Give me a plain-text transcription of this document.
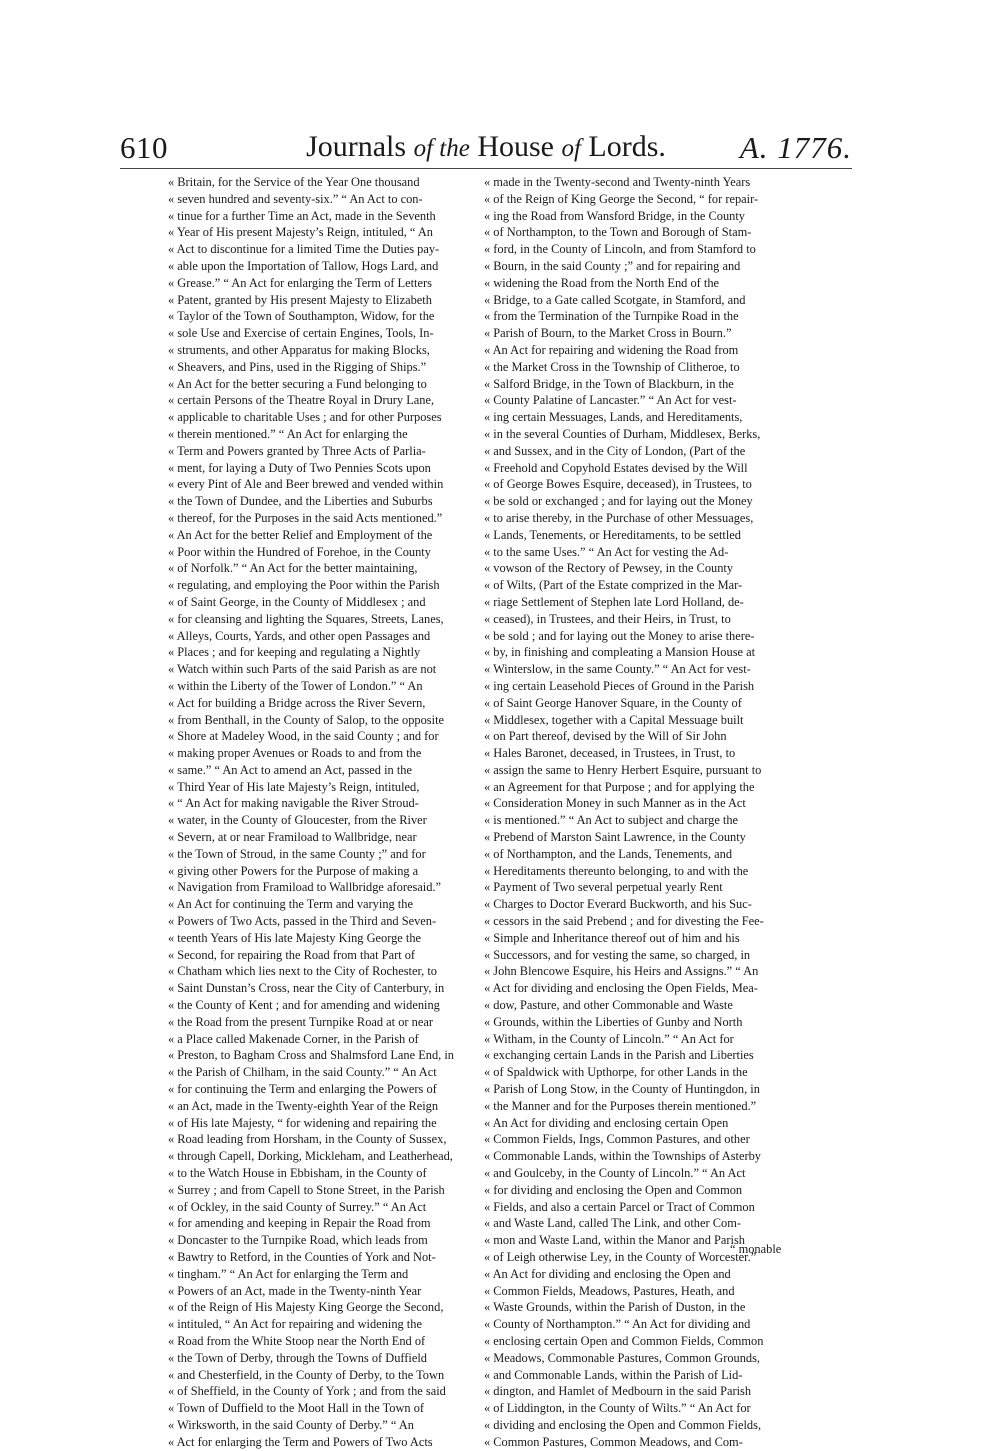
610	Journals of the House of Lords.	A. 1776.
« Britain, for the Service of the Year One thousand
« seven hundred and seventy-six.” “ An Act to con-
« tinue for a further Time an Act, made in the Seventh
« Year of His present Majesty’s Reign, intituled, “ An
« Act to discontinue for a limited Time the Duties pay-
« able upon the Importation of Tallow, Hogs Lard, and
« Grease.” “ An Act for enlarging the Term of Letters
« Patent, granted by His present Majesty to Elizabeth
« Taylor of the Town of Southampton, Widow, for the
« sole Use and Exercise of certain Engines, Tools, In-
« struments, and other Apparatus for making Blocks,
« Sheavers, and Pins, used in the Rigging of Ships.”
« An Act for the better securing a Fund belonging to
« certain Persons of the Theatre Royal in Drury Lane,
« applicable to charitable Uses ; and for other Purposes
« therein mentioned.” “ An Act for enlarging the
« Term and Powers granted by Three Acts of Parlia-
« ment, for laying a Duty of Two Pennies Scots upon
« every Pint of Ale and Beer brewed and vended within
« the Town of Dundee, and the Liberties and Suburbs
« thereof, for the Purposes in the said Acts mentioned.”
« An Act for the better Relief and Employment of the
« Poor within the Hundred of Forehoe, in the County
« of Norfolk.” “ An Act for the better maintaining,
« regulating, and employing the Poor within the Parish
« of Saint George, in the County of Middlesex ; and
« for cleansing and lighting the Squares, Streets, Lanes,
« Alleys, Courts, Yards, and other open Passages and
« Places ; and for keeping and regulating a Nightly
« Watch within such Parts of the said Parish as are not
« within the Liberty of the Tower of London.” “ An
« Act for building a Bridge across the River Severn,
« from Benthall, in the County of Salop, to the opposite
« Shore at Madeley Wood, in the said County ; and for
« making proper Avenues or Roads to and from the
« same.” “ An Act to amend an Act, passed in the
« Third Year of His late Majesty’s Reign, intituled,
« “ An Act for making navigable the River Stroud-
« water, in the County of Gloucester, from the River
« Severn, at or near Framiload to Wallbridge, near
« the Town of Stroud, in the same County ;” and for
« giving other Powers for the Purpose of making a
« Navigation from Framiload to Wallbridge aforesaid.”
« An Act for continuing the Term and varying the
« Powers of Two Acts, passed in the Third and Seven-
« teenth Years of His late Majesty King George the
« Second, for repairing the Road from that Part of
« Chatham which lies next to the City of Rochester, to
« Saint Dunstan’s Cross, near the City of Canterbury, in
« the County of Kent ; and for amending and widening
« the Road from the present Turnpike Road at or near
« a Place called Makenade Corner, in the Parish of
« Preston, to Bagham Cross and Shalmsford Lane End, in
« the Parish of Chilham, in the said County.” “ An Act
« for continuing the Term and enlarging the Powers of
« an Act, made in the Twenty-eighth Year of the Reign
« of His late Majesty, “ for widening and repairing the
« Road leading from Horsham, in the County of Sussex,
« through Capell, Dorking, Mickleham, and Leatherhead,
« to the Watch House in Ebbisham, in the County of
« Surrey ; and from Capell to Stone Street, in the Parish
« of Ockley, in the said County of Surrey.” “ An Act
« for amending and keeping in Repair the Road from
« Doncaster to the Turnpike Road, which leads from
« Bawtry to Retford, in the Counties of York and Not-
« tingham.” “ An Act for enlarging the Term and
« Powers of an Act, made in the Twenty-ninth Year
« of the Reign of His Majesty King George the Second,
« intituled, “ An Act for repairing and widening the
« Road from the White Stoop near the North End of
« the Town of Derby, through the Towns of Duffield
« and Chesterfield, in the County of Derby, to the Town
« of Sheffield, in the County of York ; and from the said
« Town of Duffield to the Moot Hall in the Town of
« Wirksworth, in the said County of Derby.” “ An
« Act for enlarging the Term and Powers of Two Acts
« made in the Twenty-second and Twenty-ninth Years
« of the Reign of King George the Second, “ for repair-
« ing the Road from Wansford Bridge, in the County
« of Northampton, to the Town and Borough of Stam-
« ford, in the County of Lincoln, and from Stamford to
« Bourn, in the said County ;” and for repairing and
« widening the Road from the North End of the
« Bridge, to a Gate called Scotgate, in Stamford, and
« from the Termination of the Turnpike Road in the
« Parish of Bourn, to the Market Cross in Bourn.”
« An Act for repairing and widening the Road from
« the Market Cross in the Township of Clitheroe, to
« Salford Bridge, in the Town of Blackburn, in the
« County Palatine of Lancaster.” “ An Act for vest-
« ing certain Messuages, Lands, and Hereditaments,
« in the several Counties of Durham, Middlesex, Berks,
« and Sussex, and in the City of London, (Part of the
« Freehold and Copyhold Estates devised by the Will
« of George Bowes Esquire, deceased), in Trustees, to
« be sold or exchanged ; and for laying out the Money
« to arise thereby, in the Purchase of other Messuages,
« Lands, Tenements, or Hereditaments, to be settled
« to the same Uses.” “ An Act for vesting the Ad-
« vowson of the Rectory of Pewsey, in the County
« of Wilts, (Part of the Estate comprized in the Mar-
« riage Settlement of Stephen late Lord Holland, de-
« ceased), in Trustees, and their Heirs, in Trust, to
« be sold ; and for laying out the Money to arise there-
« by, in finishing and compleating a Mansion House at
« Winterslow, in the same County.” “ An Act for vest-
« ing certain Leasehold Pieces of Ground in the Parish
« of Saint George Hanover Square, in the County of
« Middlesex, together with a Capital Messuage built
« on Part thereof, devised by the Will of Sir John
« Hales Baronet, deceased, in Trustees, in Trust, to
« assign the same to Henry Herbert Esquire, pursuant to
« an Agreement for that Purpose ; and for applying the
« Consideration Money in such Manner as in the Act
« is mentioned.” “ An Act to subject and charge the
« Prebend of Marston Saint Lawrence, in the County
« of Northampton, and the Lands, Tenements, and
« Hereditaments thereunto belonging, to and with the
« Payment of Two several perpetual yearly Rent
« Charges to Doctor Everard Buckworth, and his Suc-
« cessors in the said Prebend ; and for divesting the Fee-
« Simple and Inheritance thereof out of him and his
« Successors, and for vesting the same, so charged, in
« John Blencowe Esquire, his Heirs and Assigns.” “ An
« Act for dividing and enclosing the Open Fields, Mea-
« dow, Pasture, and other Commonable and Waste
« Grounds, within the Liberties of Gunby and North
« Witham, in the County of Lincoln.” “ An Act for
« exchanging certain Lands in the Parish and Liberties
« of Spaldwick with Upthorpe, for other Lands in the
« Parish of Long Stow, in the County of Huntingdon, in
« the Manner and for the Purposes therein mentioned.”
« An Act for dividing and enclosing certain Open
« Common Fields, Ings, Common Pastures, and other
« Commonable Lands, within the Townships of Asterby
« and Goulceby, in the County of Lincoln.” “ An Act
« for dividing and enclosing the Open and Common
« Fields, and also a certain Parcel or Tract of Common
« and Waste Land, called The Link, and other Com-
« mon and Waste Land, within the Manor and Parish
« of Leigh otherwise Ley, in the County of Worcester.”
« An Act for dividing and enclosing the Open and
« Common Fields, Meadows, Pastures, Heath, and
« Waste Grounds, within the Parish of Duston, in the
« County of Northampton.” “ An Act for dividing and
« enclosing certain Open and Common Fields, Common
« Meadows, Commonable Pastures, Common Grounds,
« and Commonable Lands, within the Parish of Lid-
« dington, and Hamlet of Medbourn in the said Parish
« of Liddington, in the County of Wilts.” “ An Act for
« dividing and enclosing the Open and Common Fields,
« Common Pastures, Common Meadows, and Com-
“ monable
